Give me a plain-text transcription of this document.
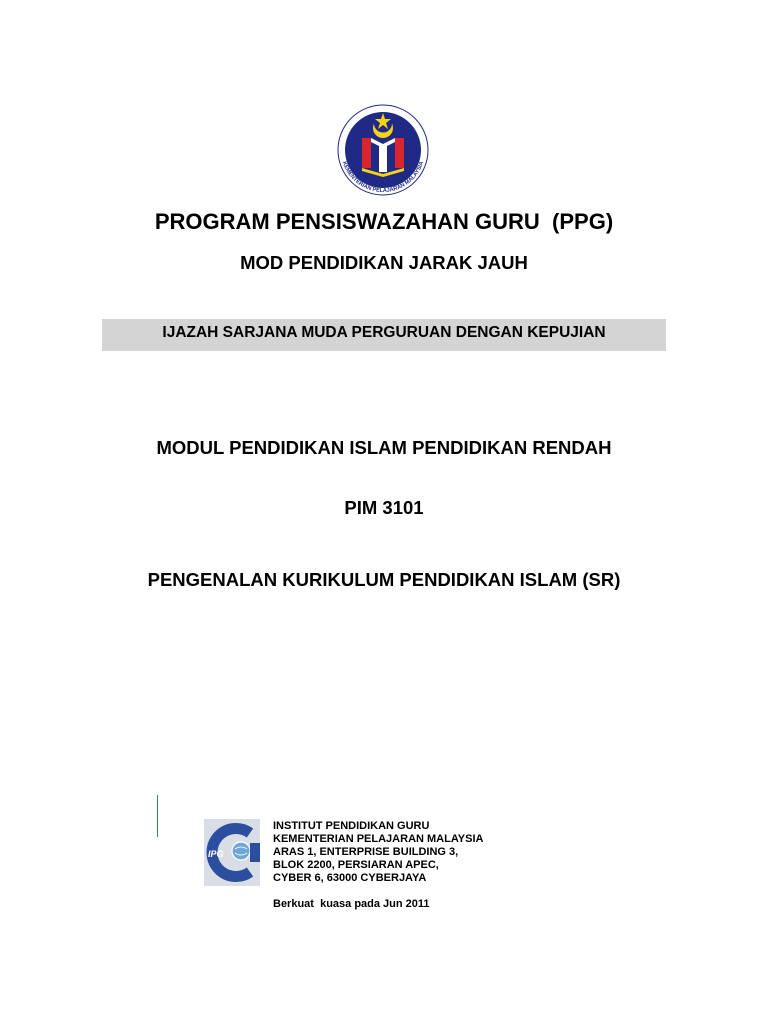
KEMENTERIAN PELAJARAN MALAYSIA
PROGRAM PENSISWAZAHAN GURU  (PPG)
MOD PENDIDIKAN JARAK JAUH
IJAZAH SARJANA MUDA PERGURUAN DENGAN KEPUJIAN
MODUL PENDIDIKAN ISLAM PENDIDIKAN RENDAH
PIM 3101
PENGENALAN KURIKULUM PENDIDIKAN ISLAM (SR)
IPG
INSTITUT PENDIDIKAN GURU
KEMENTERIAN PELAJARAN MALAYSIA
ARAS 1, ENTERPRISE BUILDING 3,
BLOK 2200, PERSIARAN APEC,
CYBER 6, 63000 CYBERJAYA
Berkuat  kuasa pada Jun 2011
